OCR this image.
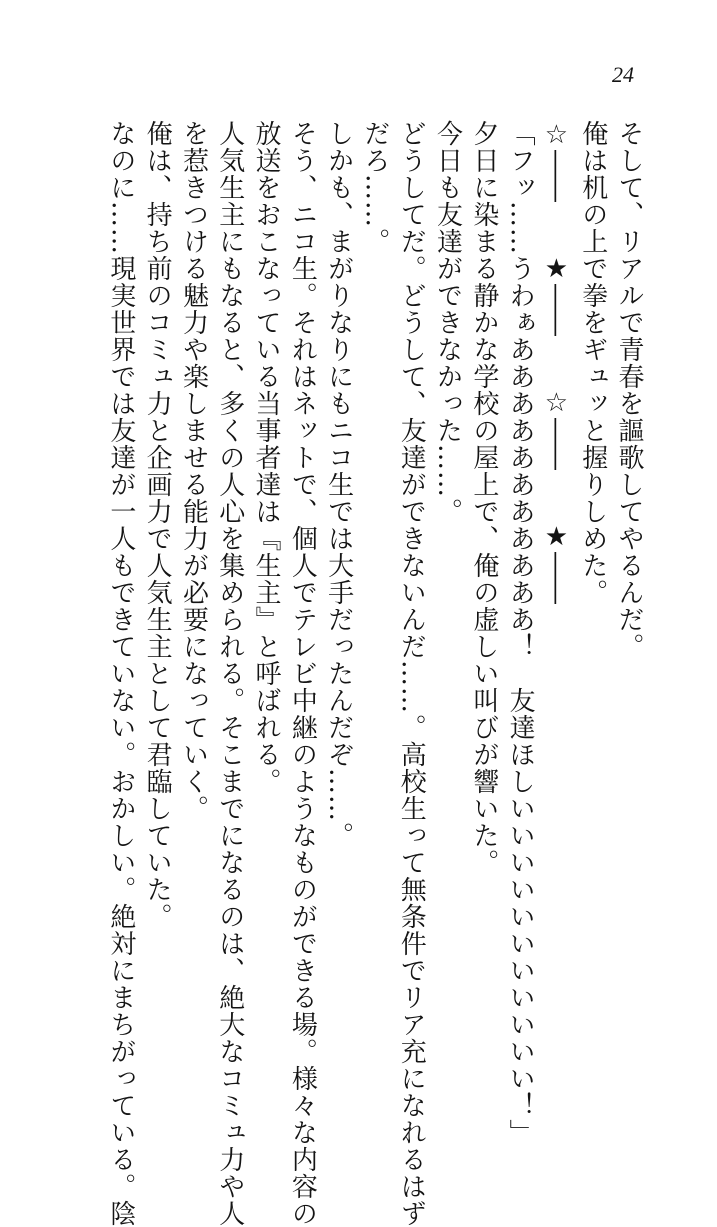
24

そして、リアルで青春を謳歌してやるんだ。

俺は机の上で拳をギュッと握りしめた。

☆――　　★――　　☆――　　★――

「フッ……うわぁあああああああああああ！　友達ほしいいいいいいいいいいい！」

夕日に染まる静かな学校の屋上で、俺の虚しい叫びが響いた。

今日も友達ができなかった……。

どうしてだ。どうして、友達ができないんだ……。高校生って無条件でリア充になれるはず

だろ……。

しかも、まがりなりにもニコ生では大手だったんだぞ……。

そう、ニコ生。それはネットで、個人でテレビ中継のようなものができる場。様々な内容の

放送をおこなっている当事者達は『生主』と呼ばれる。

人気生主にもなると、多くの人心を集められる。そこまでになるのは、絶大なコミュ力や人

を惹きつける魅力や楽しませる能力が必要になっていく。

俺は、持ち前のコミュ力と企画力で人気生主として君臨していた。

なのに……現実世界では友達が一人もできていない。おかしい。絶対にまちがっている。陰
